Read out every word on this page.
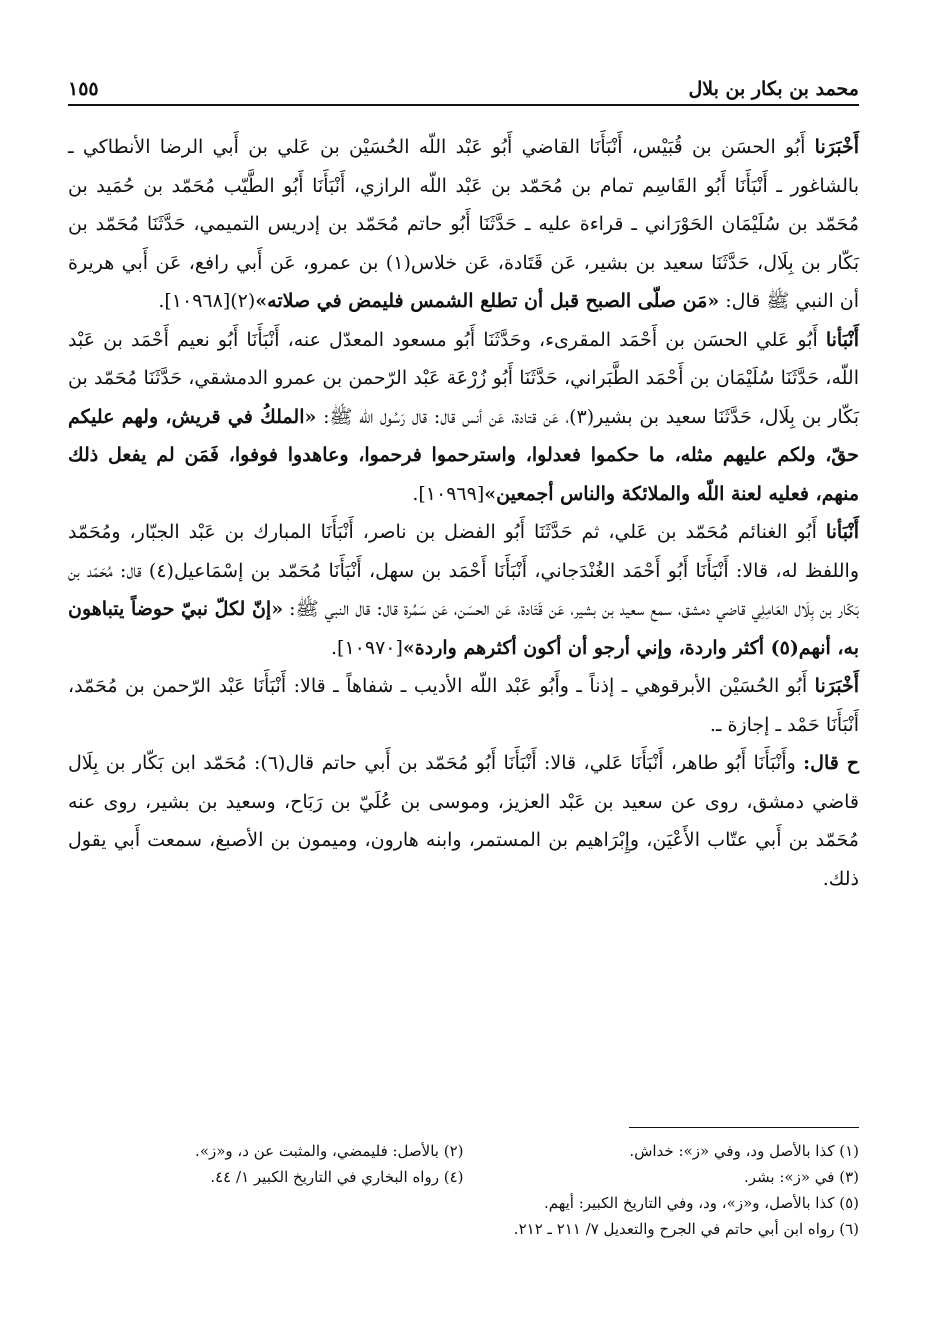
محمد بن بكار بن بلال
١٥٥

أَخْبَرَنا أَبُو الحسَن بن قُبَيْس، أَنْبَأَنَا القاضي أَبُو عَبْد اللّه الحُسَيْن بن عَلي بن أَبي الرضا الأنطاكي ـ بالشاغور ـ أَنْبَأَنَا أَبُو القَاسِم تمام بن مُحَمّد بن عَبْد اللّه الرازي، أَنْبَأَنَا أَبُو الطَّيّب مُحَمّد بن حُمَيد بن مُحَمّد بن سُلَيْمَان الحَوْرَاني ـ قراءة عليه ـ حَدَّثَنَا أَبُو حاتم مُحَمّد بن إدريس التميمي، حَدَّثَنَا مُحَمّد بن بَكّار بن بِلَال، حَدَّثَنَا سعيد بن بشير، عَن قَتَادة، عَن خلاس(١) بن عمرو، عَن أَبي رافع، عَن أَبي هريرة أن النبي ﷺ قال: «مَن صلّى الصبح قبل أن تطلع الشمس فليمض في صلاته»(٢)[١٠٩٦٨].

أَنْبَأنا أَبُو عَلي الحسَن بن أَحْمَد المقرىء، وحَدَّثَنَا أَبُو مسعود المعدّل عنه، أَنْبَأَنَا أَبُو نعيم أَحْمَد بن عَبْد اللّه، حَدَّثَنَا سُلَيْمَان بن أَحْمَد الطَّبَراني، حَدَّثَنَا أَبُو زُرْعَة عَبْد الرّحمن بن عمرو الدمشقي، حَدَّثَنَا مُحَمّد بن بَكّار بن بِلَال، حَدَّثَنَا سعيد بن بشير(٣)، عَن قتادة، عَن أنس قال: قال رَسُول اللّه ﷺ: «الملكُ في قريش، ولهم عليكم حقّ، ولكم عليهم مثله، ما حكموا فعدلوا، واسترحموا فرحموا، وعاهدوا فوفوا، فَمَن لم يفعل ذلك منهم، فعليه لعنة اللّه والملائكة والناس أجمعين»[١٠٩٦٩].

أَنْبَأنا أَبُو الغنائم مُحَمّد بن عَلي، ثم حَدَّثَنَا أَبُو الفضل بن ناصر، أَنْبَأَنَا المبارك بن عَبْد الجبّار، ومُحَمّد واللفظ له، قالا: أَنْبَأَنَا أَبُو أَحْمَد الغُنْدَجاني، أَنْبَأَنَا أَحْمَد بن سهل، أَنْبَأَنَا مُحَمّد بن إسْمَاعيل(٤) قال: مُحَمّد بن بَكّار بن بِلَال العَامِلِي قاضي دمشق، سمع سعيد بن بشير، عَن قَتَادة، عَن الحسَن، عَن سَمُرة قال: قال النبي ﷺ: «إنّ لكلّ نبيّ حوضاً يتباهون به، أنهم(٥) أكثر واردة، وإني أرجو أن أكون أكثرهم واردة»[١٠٩٧٠].

أَخْبَرَنا أَبُو الحُسَيْن الأبرقوهي ـ إذناً ـ وأَبُو عَبْد اللّه الأديب ـ شفاهاً ـ قالا: أَنْبَأَنَا عَبْد الرّحمن بن مُحَمّد، أَنْبَأَنَا حَمْد ـ إجازة ـ.

ح قال: وأَنْبَأَنَا أَبُو طاهر، أَنْبَأَنَا عَلي، قالا: أَنْبَأَنَا أَبُو مُحَمّد بن أَبي حاتم قال(٦): مُحَمّد ابن بَكّار بن بِلَال قاضي دمشق، روى عن سعيد بن عَبْد العزيز، وموسى بن عُلَيّ بن رَبَاح، وسعيد بن بشير، روى عنه مُحَمّد بن أَبي عتّاب الأَعْيَن، وإِبْرَاهيم بن المستمر، وابنه هارون، وميمون بن الأصبغ، سمعت أَبي يقول ذلك.

(١) كذا بالأصل ود، وفي «ز»: خداش.
(٢) بالأصل: فليمضي، والمثبت عن د، و«ز».
(٣) في «ز»: بشر.
(٤) رواه البخاري في التاريخ الكبير ١/ ٤٤.
(٥) كذا بالأصل، و«ز»، ود، وفي التاريخ الكبير: أيهم.
(٦) رواه ابن أبي حاتم في الجرح والتعديل ٧/ ٢١١ ـ ٢١٢.
